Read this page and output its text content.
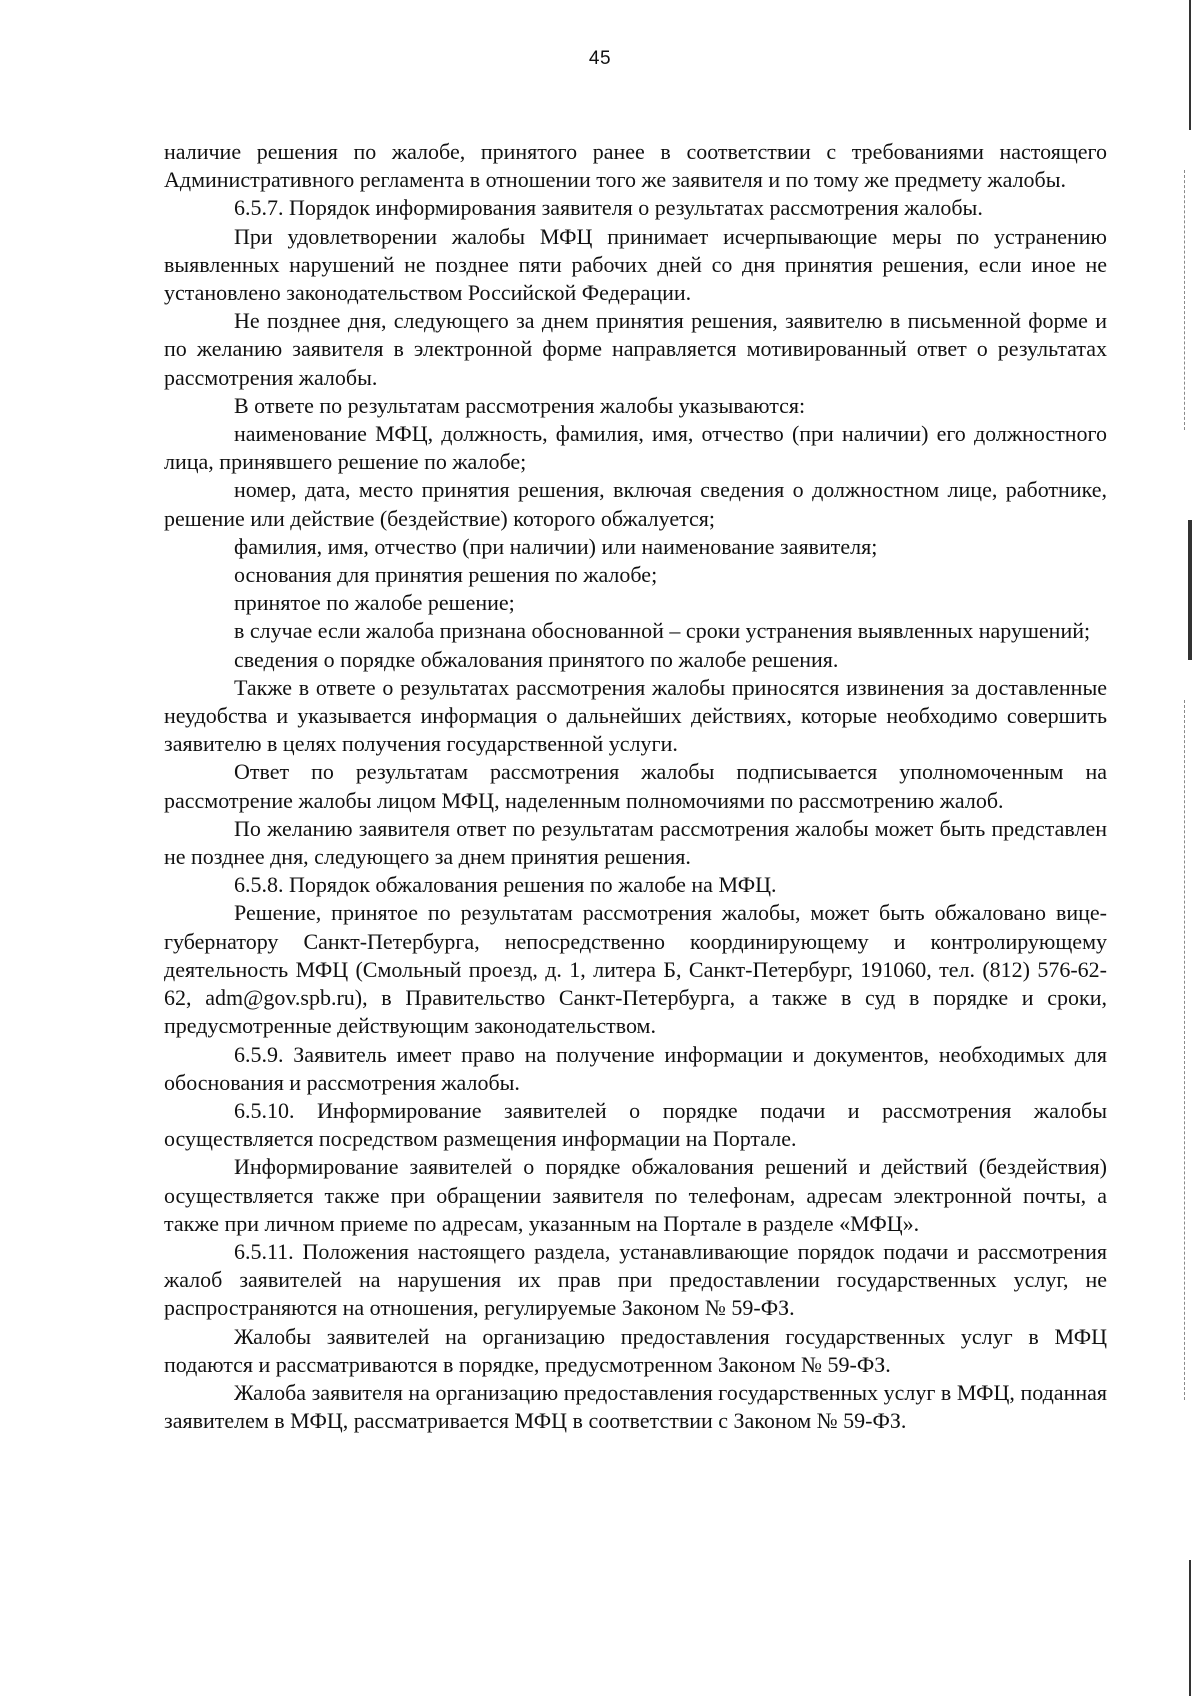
45

наличие решения по жалобе, принятого ранее в соответствии с требованиями настоящего Административного регламента в отношении того же заявителя и по тому же предмету жалобы.

6.5.7. Порядок информирования заявителя о результатах рассмотрения жалобы.

При удовлетворении жалобы МФЦ принимает исчерпывающие меры по устранению выявленных нарушений не позднее пяти рабочих дней со дня принятия решения, если иное не установлено законодательством Российской Федерации.

Не позднее дня, следующего за днем принятия решения, заявителю в письменной форме и по желанию заявителя в электронной форме направляется мотивированный ответ о результатах рассмотрения жалобы.

В ответе по результатам рассмотрения жалобы указываются:

наименование МФЦ, должность, фамилия, имя, отчество (при наличии) его должностного лица, принявшего решение по жалобе;

номер, дата, место принятия решения, включая сведения о должностном лице, работнике, решение или действие (бездействие) которого обжалуется;

фамилия, имя, отчество (при наличии) или наименование заявителя;

основания для принятия решения по жалобе;

принятое по жалобе решение;

в случае если жалоба признана обоснованной – сроки устранения выявленных нарушений;

сведения о порядке обжалования принятого по жалобе решения.

Также в ответе о результатах рассмотрения жалобы приносятся извинения за доставленные неудобства и указывается информация о дальнейших действиях, которые необходимо совершить заявителю в целях получения государственной услуги.

Ответ по результатам рассмотрения жалобы подписывается уполномоченным на рассмотрение жалобы лицом МФЦ, наделенным полномочиями по рассмотрению жалоб.

По желанию заявителя ответ по результатам рассмотрения жалобы может быть представлен не позднее дня, следующего за днем принятия решения.

6.5.8. Порядок обжалования решения по жалобе на МФЦ.

Решение, принятое по результатам рассмотрения жалобы, может быть обжаловано вице-губернатору Санкт-Петербурга, непосредственно координирующему и контролирующему деятельность МФЦ (Смольный проезд, д. 1, литера Б, Санкт-Петербург, 191060, тел. (812) 576-62-62, adm@gov.spb.ru), в Правительство Санкт-Петербурга, а также в суд в порядке и сроки, предусмотренные действующим законодательством.

6.5.9. Заявитель имеет право на получение информации и документов, необходимых для обоснования и рассмотрения жалобы.

6.5.10. Информирование заявителей о порядке подачи и рассмотрения жалобы осуществляется посредством размещения информации на Портале.

Информирование заявителей о порядке обжалования решений и действий (бездействия) осуществляется также при обращении заявителя по телефонам, адресам электронной почты, а также при личном приеме по адресам, указанным на Портале в разделе «МФЦ».

6.5.11. Положения настоящего раздела, устанавливающие порядок подачи и рассмотрения жалоб заявителей на нарушения их прав при предоставлении государственных услуг, не распространяются на отношения, регулируемые Законом № 59-ФЗ.

Жалобы заявителей на организацию предоставления государственных услуг в МФЦ подаются и рассматриваются в порядке, предусмотренном Законом № 59-ФЗ.

Жалоба заявителя на организацию предоставления государственных услуг в МФЦ, поданная заявителем в МФЦ, рассматривается МФЦ в соответствии с Законом № 59-ФЗ.
